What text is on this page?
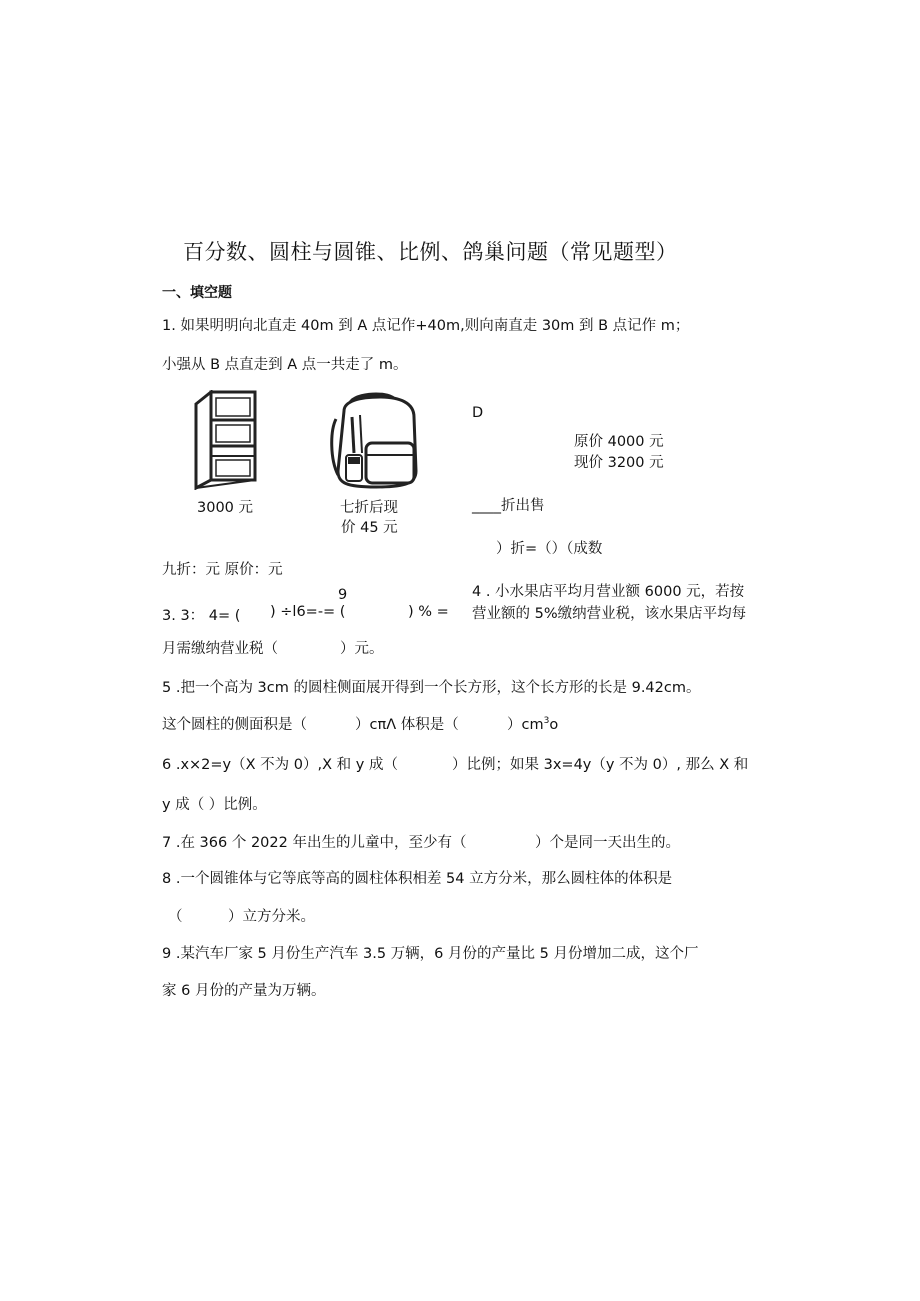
百分数、圆柱与圆锥、比例、鸽巢问题（常见题型）
一、填空题
1. 如果明明向北直走 40m 到 A 点记作+40m,则向南直走 30m 到 B 点记作 m；
小强从 B 点直走到 A 点一共走了 m。
3000 元	七折后现
价 45 元
D
原价 4000 元
现价 3200 元
____折出售
）折=（）（成数
九折：元 原价：元
9
3. 3： 4= ( ) ÷l6=-= (	) % =
4 . 小水果店平均月营业额 6000 元，若按
营业额的 5%缴纳营业税，该水果店平均每
月需缴纳营业税（	）元。
5 .把一个高为 3cm 的圆柱侧面展开得到一个长方形，这个长方形的长是 9.42cm。
这个圆柱的侧面积是（	）cπΛ 体积是（	）$cm^3o$
6 .x×2=y（X 不为 0）,X 和 y 成（	）比例；如果 3x=4y（y 不为 0）, 那么 X 和
y 成（ ）比例。
7 .在 366 个 2022 年出生的儿童中，至少有（	）个是同一天出生的。
8 .一个圆锥体与它等底等高的圆柱体积相差 54 立方分米，那么圆柱体的体积是
（	）立方分米。
9 .某汽车厂家 5 月份生产汽车 3.5 万辆，6 月份的产量比 5 月份增加二成，这个厂
家 6 月份的产量为万辆。
